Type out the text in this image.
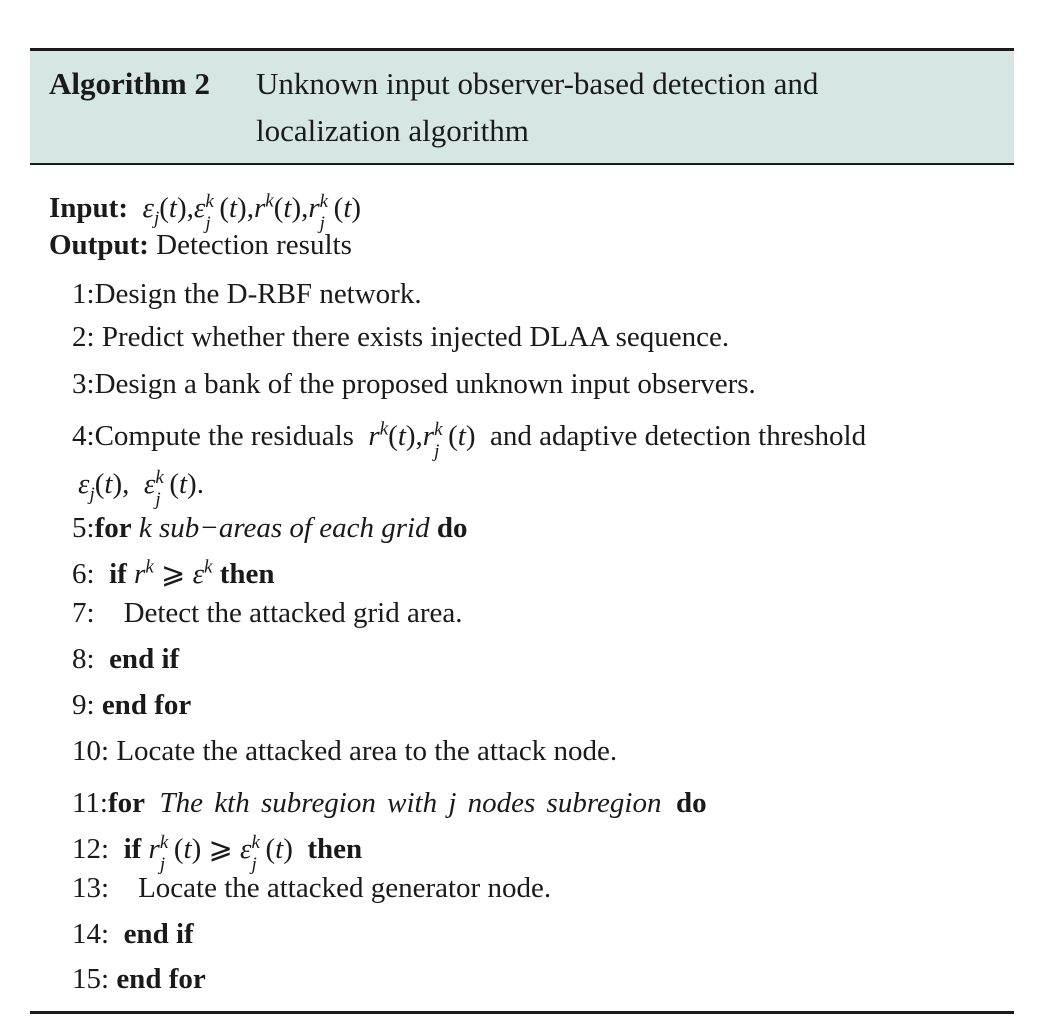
Algorithm 2 Unknown input observer-based detection and
localization algorithm
Input: $\varepsilon_j(t),\varepsilon$ k
j $(t),r^k(t),r$ k
j (t)
Output: Detection results
1:Design the D-RBF network.
2: Predict whether there exists injected DLAA sequence.
3:Design a bank of the proposed unknown input observers.
4:Compute the residuals $r^k(t),r$ k
j (t)  and adaptive detection threshold
$\varepsilon_j(t)$,  ε k
j (t).
5:for k sub−areas of each grid do
6: if $r^k$ ⩾ $\varepsilon^k$ then
7: Detect the attacked grid area.
8: end if
9: end for
10: Locate the attacked area to the attack node.
11:for The kth subregion with j nodes subregion do
12: if r k
j (t) ⩾ ε k
j (t)  then
13: Locate the attacked generator node.
14: end if
15: end for
